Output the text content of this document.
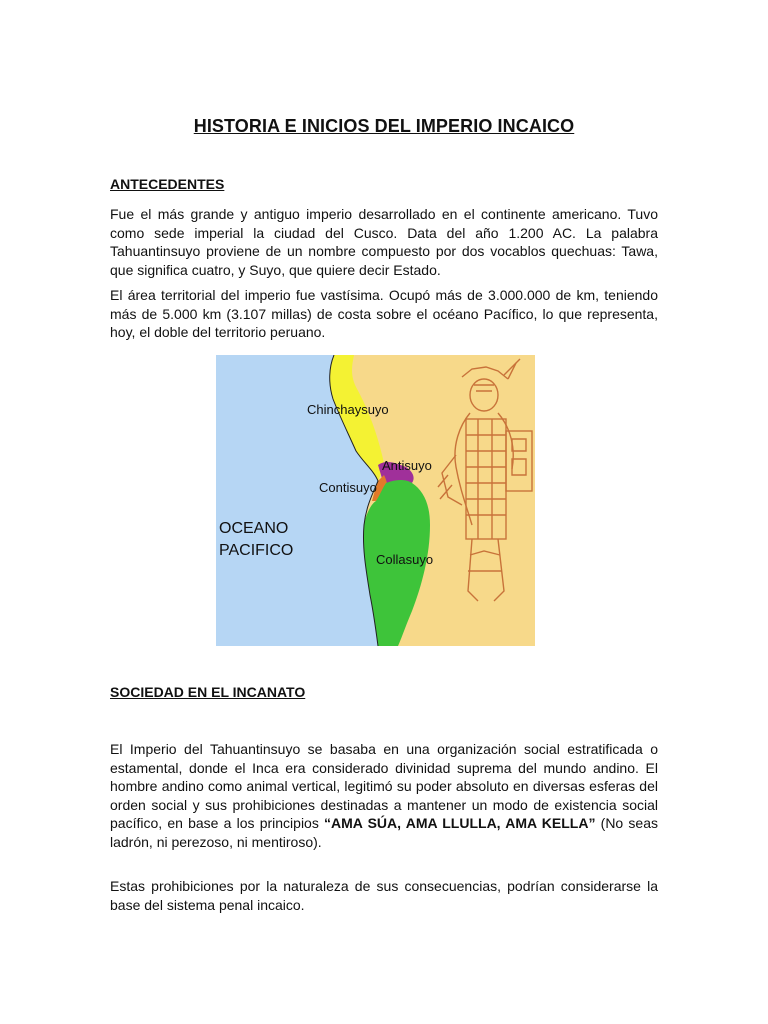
HISTORIA E INICIOS DEL IMPERIO INCAICO
ANTECEDENTES

Fue el más grande y antiguo imperio desarrollado en el continente americano. Tuvo como sede imperial la ciudad del Cusco. Data del año 1.200 AC. La palabra Tahuantinsuyo proviene de un nombre compuesto por dos vocablos quechuas: Tawa, que significa cuatro, y Suyo, que quiere decir Estado.

El área territorial del imperio fue vastísima. Ocupó más de 3.000.000 de km, teniendo más de 5.000 km (3.107 millas) de costa sobre el océano Pacífico, lo que representa, hoy, el doble del territorio peruano.

Chinchaysuyo
Antisuyo
Contisuyo
Collasuyo
OCEANO
PACIFICO
SOCIEDAD EN EL INCANATO

El Imperio del Tahuantinsuyo se basaba en una organización social estratificada o estamental, donde el Inca era considerado divinidad suprema del mundo andino. El hombre andino como animal vertical, legitimó su poder absoluto en diversas esferas del orden social y sus prohibiciones destinadas a mantener un modo de existencia social pacífico, en base a los principios “AMA SÚA, AMA LLULLA, AMA KELLA” (No seas ladrón, ni perezoso, ni mentiroso).

Estas prohibiciones por la naturaleza de sus consecuencias, podrían considerarse la base del sistema penal incaico.
